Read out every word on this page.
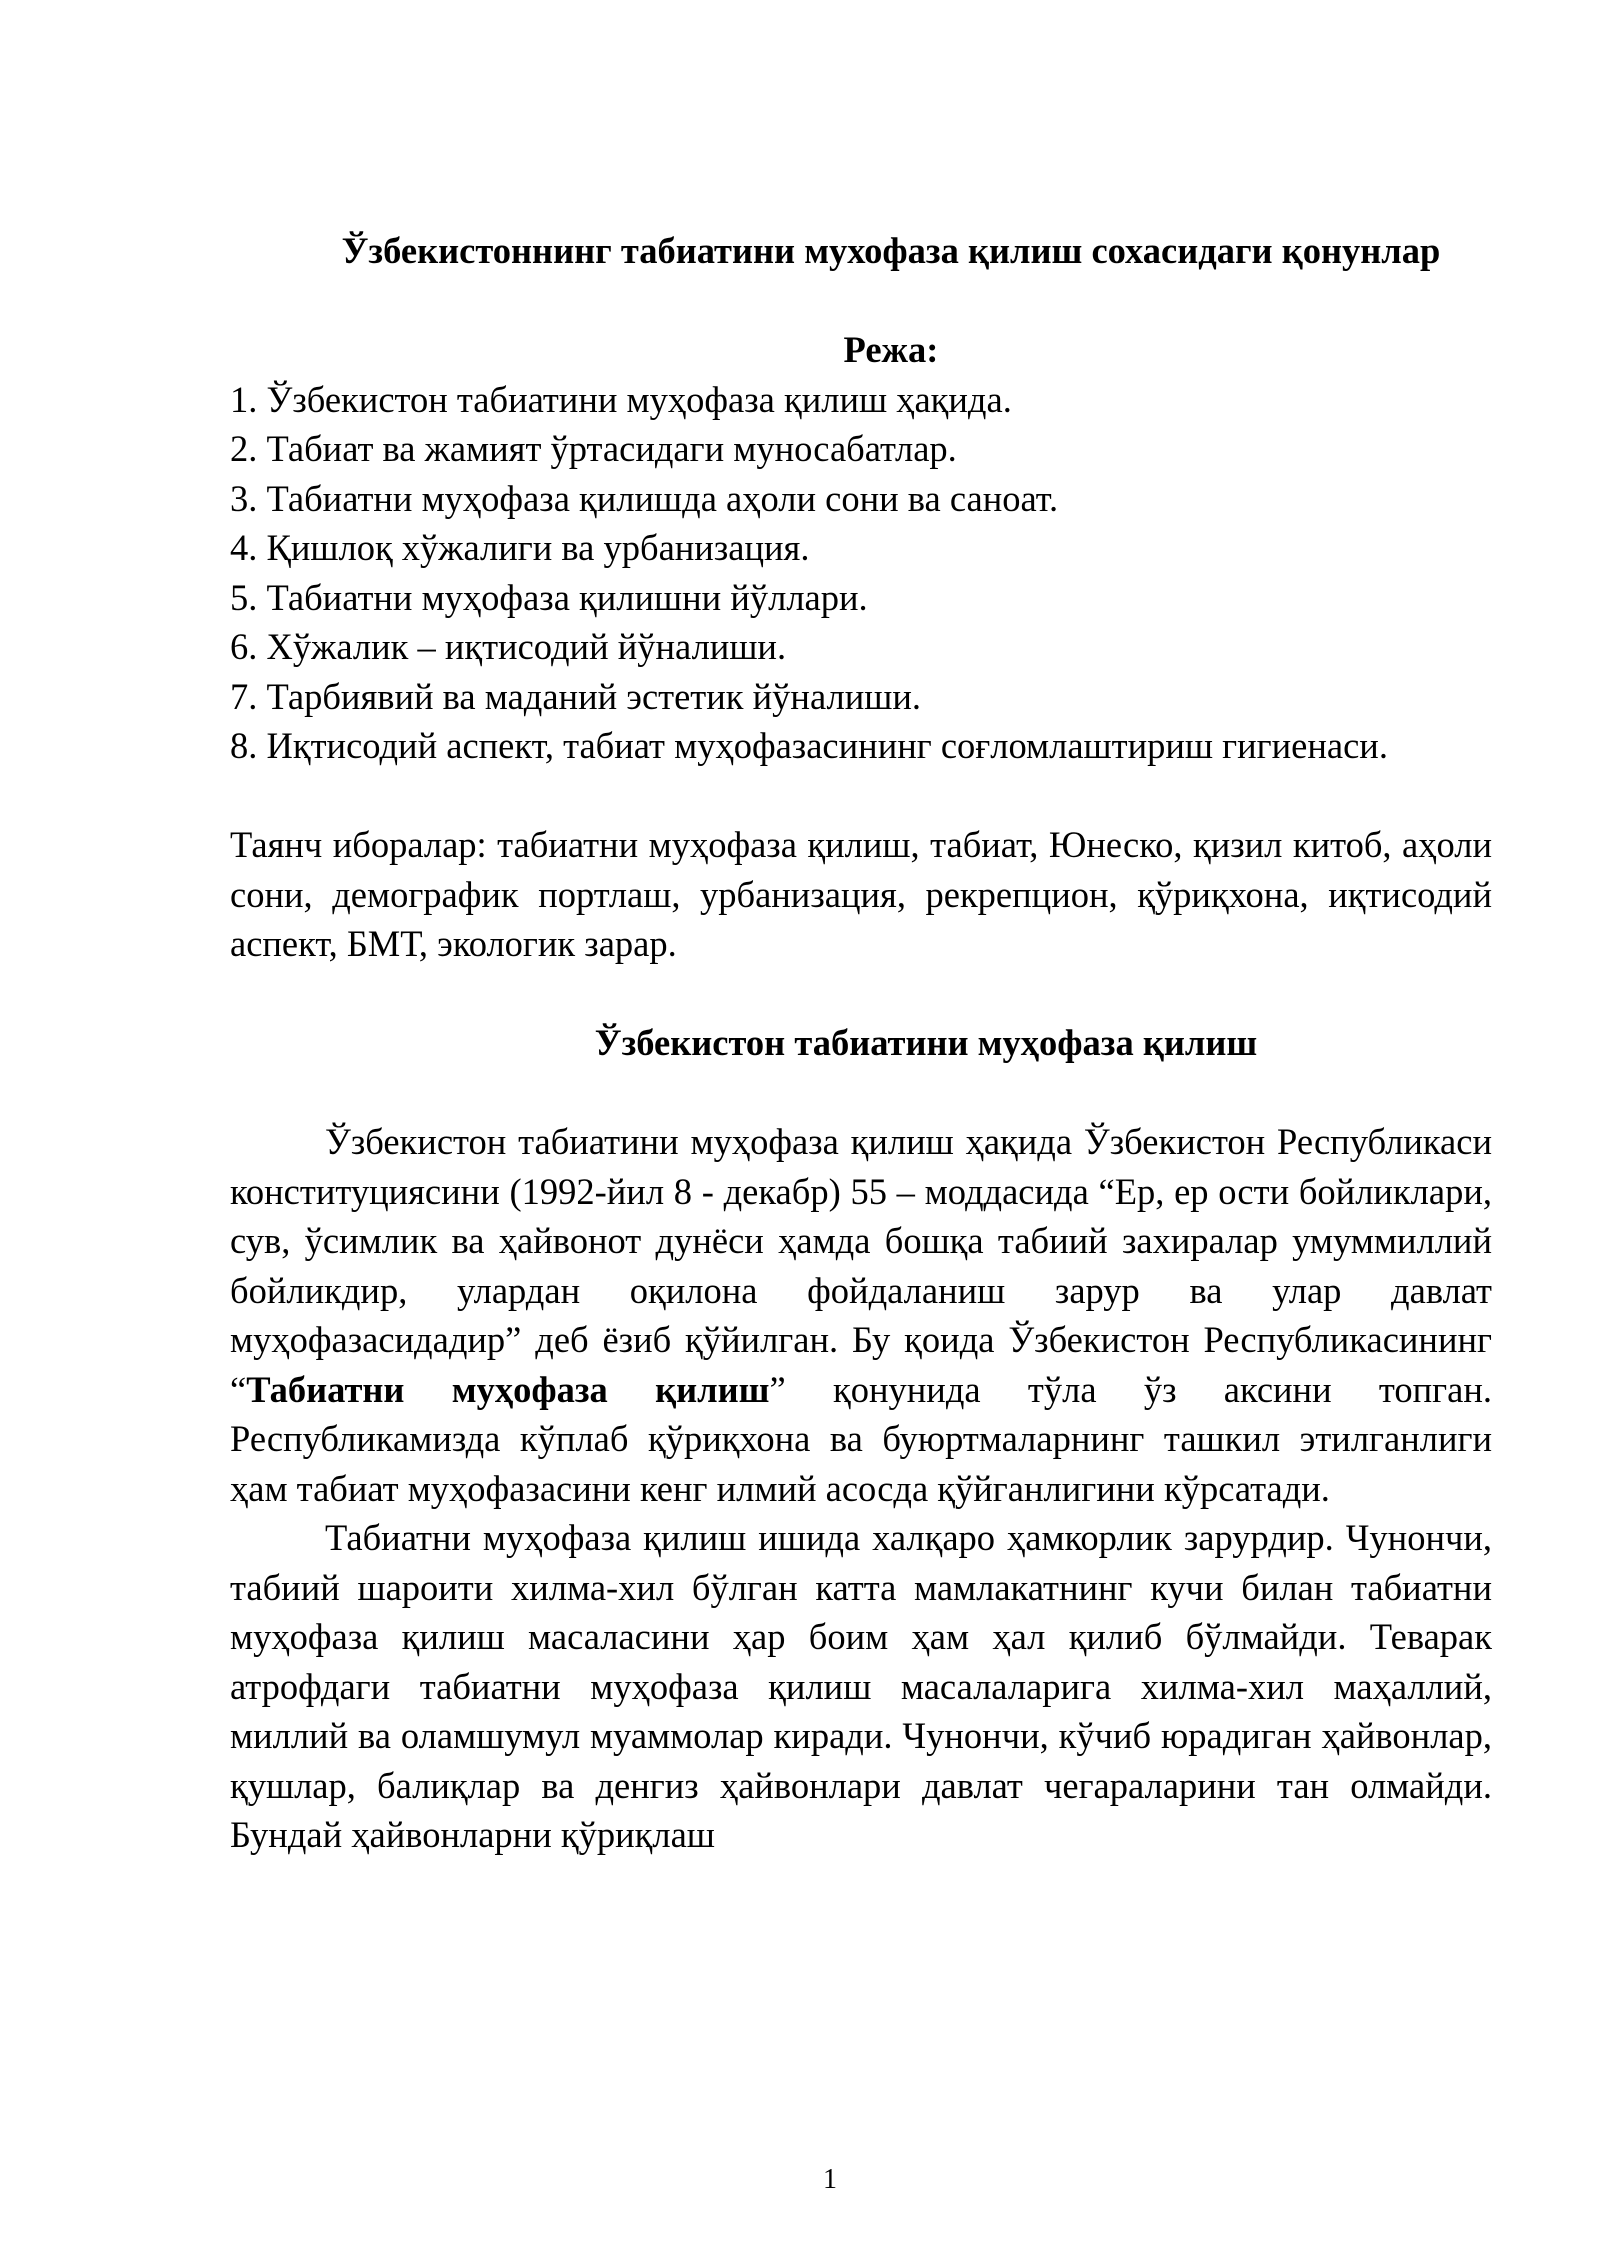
Ўзбекистоннинг табиатини мухофаза қилиш сохасидаги қонунлар

Режа:

1. Ўзбекистон табиатини муҳофаза қилиш ҳақида.
2. Табиат ва жамият ўртасидаги муносабатлар.
3. Табиатни муҳофаза қилишда аҳоли сони ва саноат.
4. Қишлоқ хўжалиги ва урбанизация.
5. Табиатни муҳофаза қилишни йўллари.
6. Хўжалик – иқтисодий йўналиши.
7. Тарбиявий ва маданий эстетик йўналиши.
8. Иқтисодий аспект, табиат муҳофазасининг соғломлаштириш гигиенаси.

Таянч иборалар: табиатни муҳофаза қилиш, табиат, Юнеско, қизил китоб, аҳоли сони, демографик портлаш, урбанизация, рекрепцион, қўриқхона, иқтисодий аспект, БМТ, экологик зарар.

Ўзбекистон табиатини муҳофаза қилиш

Ўзбекистон табиатини муҳофаза қилиш ҳақида Ўзбекистон Республикаси конституциясини (1992-йил 8 - декабр) 55 – моддасида “Ер, ер ости бойликлари, сув, ўсимлик ва ҳайвонот дунёси ҳамда бошқа табиий захиралар умуммиллий бойликдир, улардан оқилона фойдаланиш зарур ва улар давлат муҳофазасидадир” деб ёзиб қўйилган. Бу қоида Ўзбекистон Республикасининг “Табиатни муҳофаза қилиш” қонунида тўла ўз аксини топган. Республикамизда кўплаб қўриқхона ва буюртмаларнинг ташкил этилганлиги ҳам табиат муҳофазасини кенг илмий асосда қўйганлигини кўрсатади.

Табиатни муҳофаза қилиш ишида халқаро ҳамкорлик зарурдир. Чунончи, табиий шароити хилма-хил бўлган катта мамлакатнинг кучи билан табиатни муҳофаза қилиш масаласини ҳар боим ҳам ҳал қилиб бўлмайди. Теварак атрофдаги табиатни муҳофаза қилиш масалаларига хилма-хил маҳаллий, миллий ва оламшумул муаммолар киради. Чунончи, кўчиб юрадиган ҳайвонлар, қушлар, балиқлар ва денгиз ҳайвонлари давлат чегараларини тан олмайди. Бундай ҳайвонларни қўриқлаш

1
